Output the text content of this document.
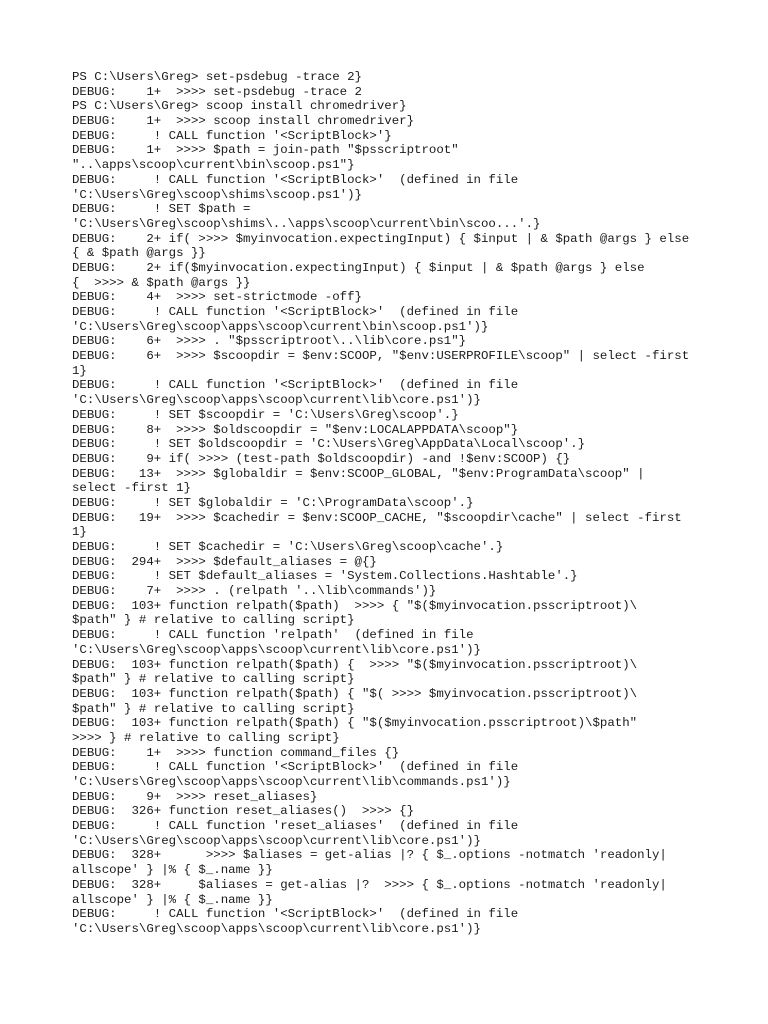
PS C:\Users\Greg> set-psdebug -trace 2}
DEBUG:    1+  >>>> set-psdebug -trace 2
PS C:\Users\Greg> scoop install chromedriver}
DEBUG:    1+  >>>> scoop install chromedriver}
DEBUG:     ! CALL function '<ScriptBlock>'}
DEBUG:    1+  >>>> $path = join-path "$psscriptroot"
"..\apps\scoop\current\bin\scoop.ps1"}
DEBUG:     ! CALL function '<ScriptBlock>'  (defined in file
'C:\Users\Greg\scoop\shims\scoop.ps1')}
DEBUG:     ! SET $path =
'C:\Users\Greg\scoop\shims\..\apps\scoop\current\bin\scoo...'.}
DEBUG:    2+ if( >>>> $myinvocation.expectingInput) { $input | & $path @args } else
{ & $path @args }}
DEBUG:    2+ if($myinvocation.expectingInput) { $input | & $path @args } else
{  >>>> & $path @args }}
DEBUG:    4+  >>>> set-strictmode -off}
DEBUG:     ! CALL function '<ScriptBlock>'  (defined in file
'C:\Users\Greg\scoop\apps\scoop\current\bin\scoop.ps1')}
DEBUG:    6+  >>>> . "$psscriptroot\..\lib\core.ps1"}
DEBUG:    6+  >>>> $scoopdir = $env:SCOOP, "$env:USERPROFILE\scoop" | select -first
1}
DEBUG:     ! CALL function '<ScriptBlock>'  (defined in file
'C:\Users\Greg\scoop\apps\scoop\current\lib\core.ps1')}
DEBUG:     ! SET $scoopdir = 'C:\Users\Greg\scoop'.}
DEBUG:    8+  >>>> $oldscoopdir = "$env:LOCALAPPDATA\scoop"}
DEBUG:     ! SET $oldscoopdir = 'C:\Users\Greg\AppData\Local\scoop'.}
DEBUG:    9+ if( >>>> (test-path $oldscoopdir) -and !$env:SCOOP) {}
DEBUG:   13+  >>>> $globaldir = $env:SCOOP_GLOBAL, "$env:ProgramData\scoop" |
select -first 1}
DEBUG:     ! SET $globaldir = 'C:\ProgramData\scoop'.}
DEBUG:   19+  >>>> $cachedir = $env:SCOOP_CACHE, "$scoopdir\cache" | select -first
1}
DEBUG:     ! SET $cachedir = 'C:\Users\Greg\scoop\cache'.}
DEBUG:  294+  >>>> $default_aliases = @{}
DEBUG:     ! SET $default_aliases = 'System.Collections.Hashtable'.}
DEBUG:    7+  >>>> . (relpath '..\lib\commands')}
DEBUG:  103+ function relpath($path)  >>>> { "$($myinvocation.psscriptroot)\
$path" } # relative to calling script}
DEBUG:     ! CALL function 'relpath'  (defined in file
'C:\Users\Greg\scoop\apps\scoop\current\lib\core.ps1')}
DEBUG:  103+ function relpath($path) {  >>>> "$($myinvocation.psscriptroot)\
$path" } # relative to calling script}
DEBUG:  103+ function relpath($path) { "$( >>>> $myinvocation.psscriptroot)\
$path" } # relative to calling script}
DEBUG:  103+ function relpath($path) { "$($myinvocation.psscriptroot)\$path"
>>>> } # relative to calling script}
DEBUG:    1+  >>>> function command_files {}
DEBUG:     ! CALL function '<ScriptBlock>'  (defined in file
'C:\Users\Greg\scoop\apps\scoop\current\lib\commands.ps1')}
DEBUG:    9+  >>>> reset_aliases}
DEBUG:  326+ function reset_aliases()  >>>> {}
DEBUG:     ! CALL function 'reset_aliases'  (defined in file
'C:\Users\Greg\scoop\apps\scoop\current\lib\core.ps1')}
DEBUG:  328+      >>>> $aliases = get-alias |? { $_.options -notmatch 'readonly|
allscope' } |% { $_.name }}
DEBUG:  328+     $aliases = get-alias |?  >>>> { $_.options -notmatch 'readonly|
allscope' } |% { $_.name }}
DEBUG:     ! CALL function '<ScriptBlock>'  (defined in file
'C:\Users\Greg\scoop\apps\scoop\current\lib\core.ps1')}
